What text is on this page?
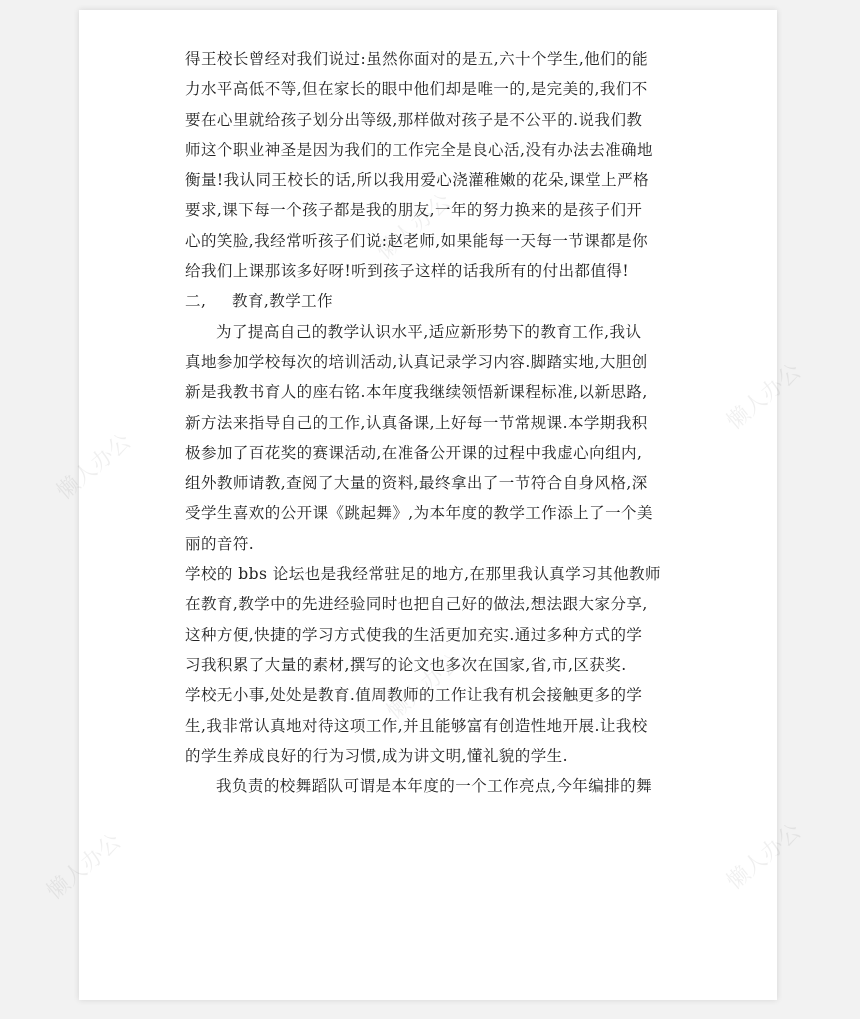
懒人办公
懒人办公
懒人办公
懒人办公
懒人办公
懒人办公
得王校长曾经对我们说过:虽然你面对的是五,六十个学生,他们的能
力水平高低不等,但在家长的眼中他们却是唯一的,是完美的,我们不
要在心里就给孩子划分出等级,那样做对孩子是不公平的.说我们教
师这个职业神圣是因为我们的工作完全是良心活,没有办法去准确地
衡量!我认同王校长的话,所以我用爱心浇灌稚嫩的花朵,课堂上严格
要求,课下每一个孩子都是我的朋友,一年的努力换来的是孩子们开
心的笑脸,我经常听孩子们说:赵老师,如果能每一天每一节课都是你
给我们上课那该多好呀!听到孩子这样的话我所有的付出都值得!
二, 教育,教学工作
为了提高自己的教学认识水平,适应新形势下的教育工作,我认
真地参加学校每次的培训活动,认真记录学习内容.脚踏实地,大胆创
新是我教书育人的座右铭.本年度我继续领悟新课程标准,以新思路,
新方法来指导自己的工作,认真备课,上好每一节常规课.本学期我积
极参加了百花奖的赛课活动,在准备公开课的过程中我虚心向组内,
组外教师请教,查阅了大量的资料,最终拿出了一节符合自身风格,深
受学生喜欢的公开课《跳起舞》,为本年度的教学工作添上了一个美
丽的音符.
学校的 bbs 论坛也是我经常驻足的地方,在那里我认真学习其他教师
在教育,教学中的先进经验同时也把自己好的做法,想法跟大家分享,
这种方便,快捷的学习方式使我的生活更加充实.通过多种方式的学
习我积累了大量的素材,撰写的论文也多次在国家,省,市,区获奖.
学校无小事,处处是教育.值周教师的工作让我有机会接触更多的学
生,我非常认真地对待这项工作,并且能够富有创造性地开展.让我校
的学生养成良好的行为习惯,成为讲文明,懂礼貌的学生.
我负责的校舞蹈队可谓是本年度的一个工作亮点,今年编排的舞
